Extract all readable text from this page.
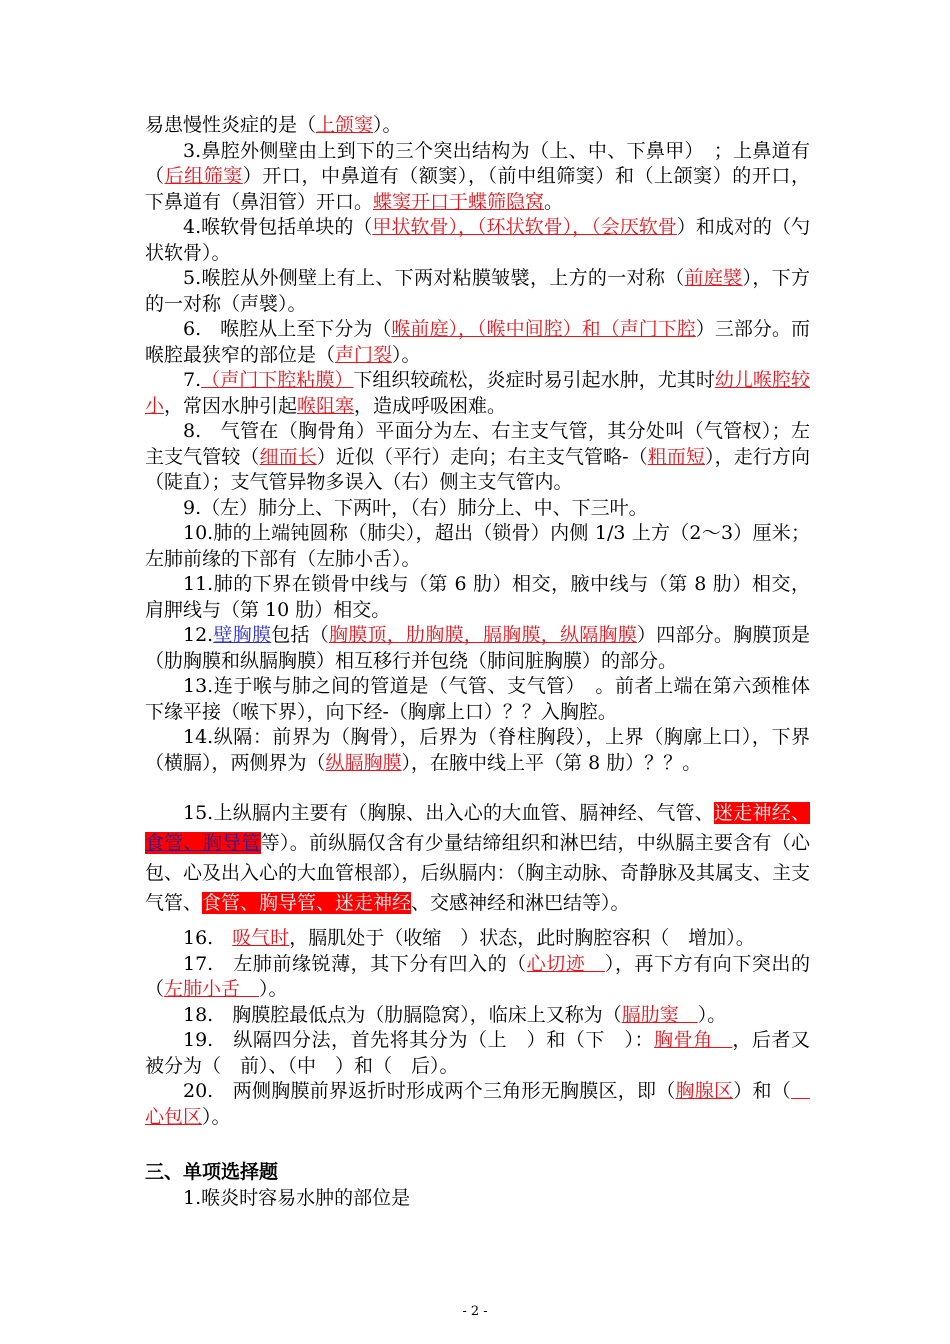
易患慢性炎症的是（上颌窦）。

3.鼻腔外侧壁由上到下的三个突出结构为（上、中、下鼻甲）　；上鼻道有（后组筛窦）开口，中鼻道有（额窦），（前中组筛窦）和（上颌窦）的开口，下鼻道有（鼻泪管）开口。蝶窦开口于蝶筛隐窝。

4.喉软骨包括单块的（甲状软骨），（环状软骨），（会厌软骨）和成对的（勺状软骨）。

5.喉腔从外侧壁上有上、下两对粘膜皱襞，上方的一对称（前庭襞），下方的一对称（声襞）。

6.　喉腔从上至下分为（喉前庭），（喉中间腔）和（声门下腔）三部分。而喉腔最狭窄的部位是（声门裂）。

7.（声门下腔粘膜）下组织较疏松，炎症时易引起水肿，尤其时幼儿喉腔较小，常因水肿引起喉阻塞，造成呼吸困难。

8.　气管在（胸骨角）平面分为左、右主支气管，其分处叫（气管杈）；左主支气管较（细而长）近似（平行）走向；右主支气管略-（粗而短），走行方向（陡直）；支气管异物多误入（右）侧主支气管内。

9.（左）肺分上、下两叶，（右）肺分上、中、下三叶。

10.肺的上端钝圆称（肺尖），超出（锁骨）内侧 1/3 上方（2～3）厘米；左肺前缘的下部有（左肺小舌）。

11.肺的下界在锁骨中线与（第 6 肋）相交，腋中线与（第 8 肋）相交，肩胛线与（第 10 肋）相交。

12.壁胸膜包括（胸膜顶，肋胸膜，膈胸膜，纵隔胸膜）四部分。胸膜顶是（肋胸膜和纵膈胸膜）相互移行并包绕（肺间脏胸膜）的部分。

13.连于喉与肺之间的管道是（气管、支气管）　。前者上端在第六颈椎体下缘平接（喉下界），向下经-（胸廓上口）？？入胸腔。

14.纵隔：前界为（胸骨），后界为（脊柱胸段），上界（胸廓上口），下界（横膈），两侧界为（纵膈胸膜），在腋中线上平（第 8 肋）？？。

15.上纵膈内主要有（胸腺、出入心的大血管、膈神经、气管、迷走神经、食管、胸导管等）。前纵膈仅含有少量结缔组织和淋巴结，中纵膈主要含有（心包、心及出入心的大血管根部），后纵膈内：（胸主动脉、奇静脉及其属支、主支气管、食管、胸导管、迷走神经、交感神经和淋巴结等）。

16.　吸气时，膈肌处于（收缩　）状态，此时胸腔容积（　增加）。

17.　左肺前缘锐薄，其下分有凹入的（心切迹　），再下方有向下突出的（左肺小舌　）。

18.　胸膜腔最低点为（肋膈隐窝），临床上又称为（膈肋窦　）。

19.　纵隔四分法，首先将其分为（上　）和（下　）：胸骨角　，后者又被分为（　前）、（中　）和（　后）。

20.　两侧胸膜前界返折时形成两个三角形无胸膜区，即（胸腺区）和（　心包区）。

三、单项选择题

1.喉炎时容易水肿的部位是

- 2 -
